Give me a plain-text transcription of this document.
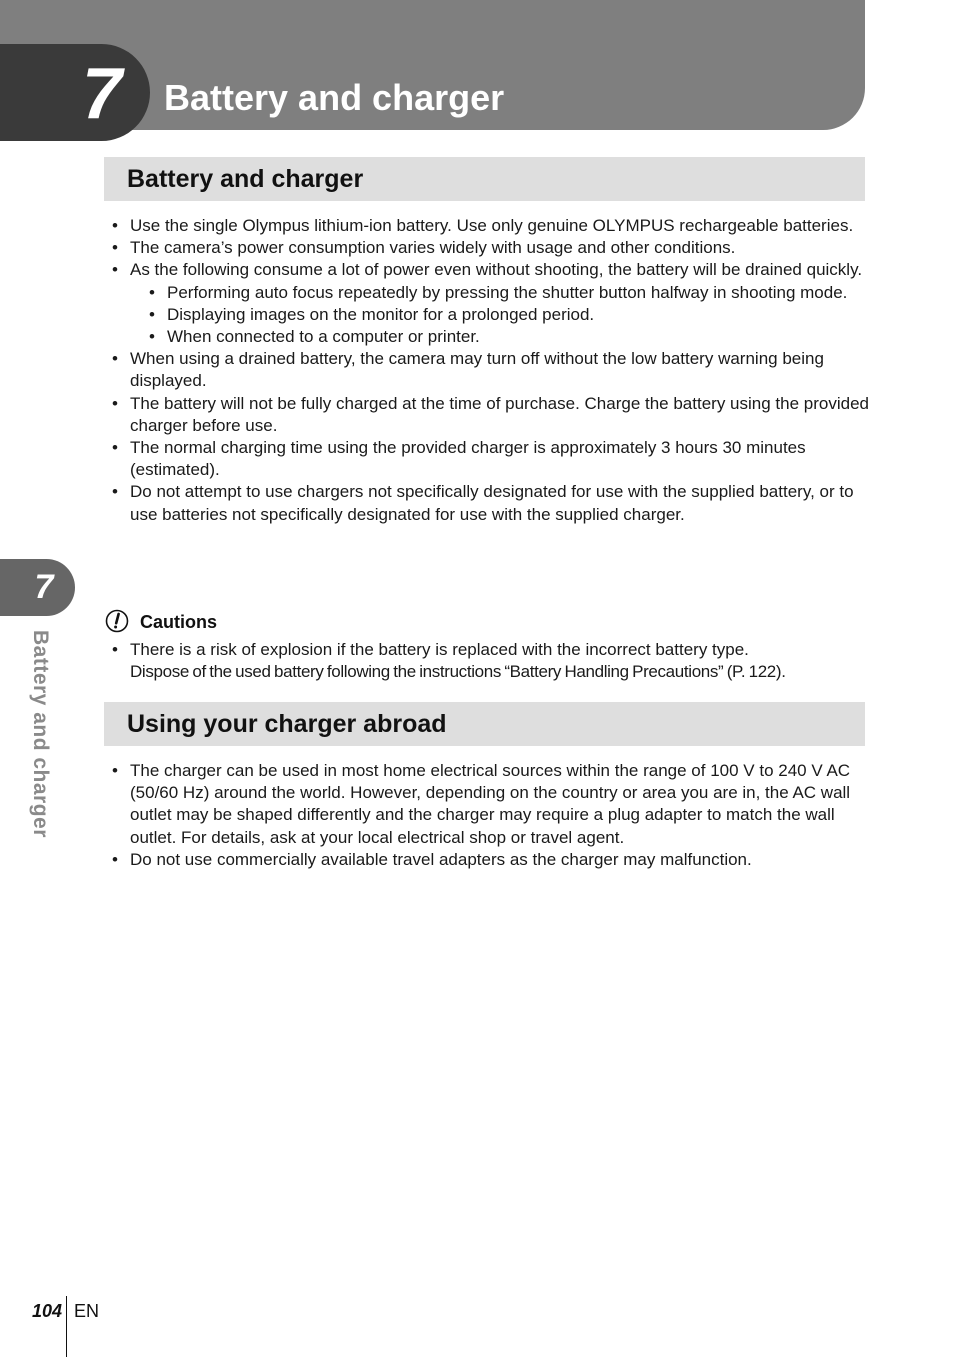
7 Battery and charger
Battery and charger
• Use the single Olympus lithium-ion battery. Use only genuine OLYMPUS rechargeable batteries.
• The camera’s power consumption varies widely with usage and other conditions.
• As the following consume a lot of power even without shooting, the battery will be drained quickly.
• Performing auto focus repeatedly by pressing the shutter button halfway in shooting mode.
• Displaying images on the monitor for a prolonged period.
• When connected to a computer or printer.
• When using a drained battery, the camera may turn off without the low battery warning being displayed.
• The battery will not be fully charged at the time of purchase. Charge the battery using the provided charger before use.
• The normal charging time using the provided charger is approximately 3 hours 30 minutes (estimated).
• Do not attempt to use chargers not specifically designated for use with the supplied battery, or to use batteries not specifically designated for use with the supplied charger.
Cautions
• There is a risk of explosion if the battery is replaced with the incorrect battery type.
Dispose of the used battery following the instructions “Battery Handling Precautions” (P. 122).
Using your charger abroad
• The charger can be used in most home electrical sources within the range of 100 V to 240 V AC (50/60 Hz) around the world. However, depending on the country or area you are in, the AC wall outlet may be shaped differently and the charger may require a plug adapter to match the wall outlet. For details, ask at your local electrical shop or travel agent.
• Do not use commercially available travel adapters as the charger may malfunction.
7
Battery and charger
104 EN
